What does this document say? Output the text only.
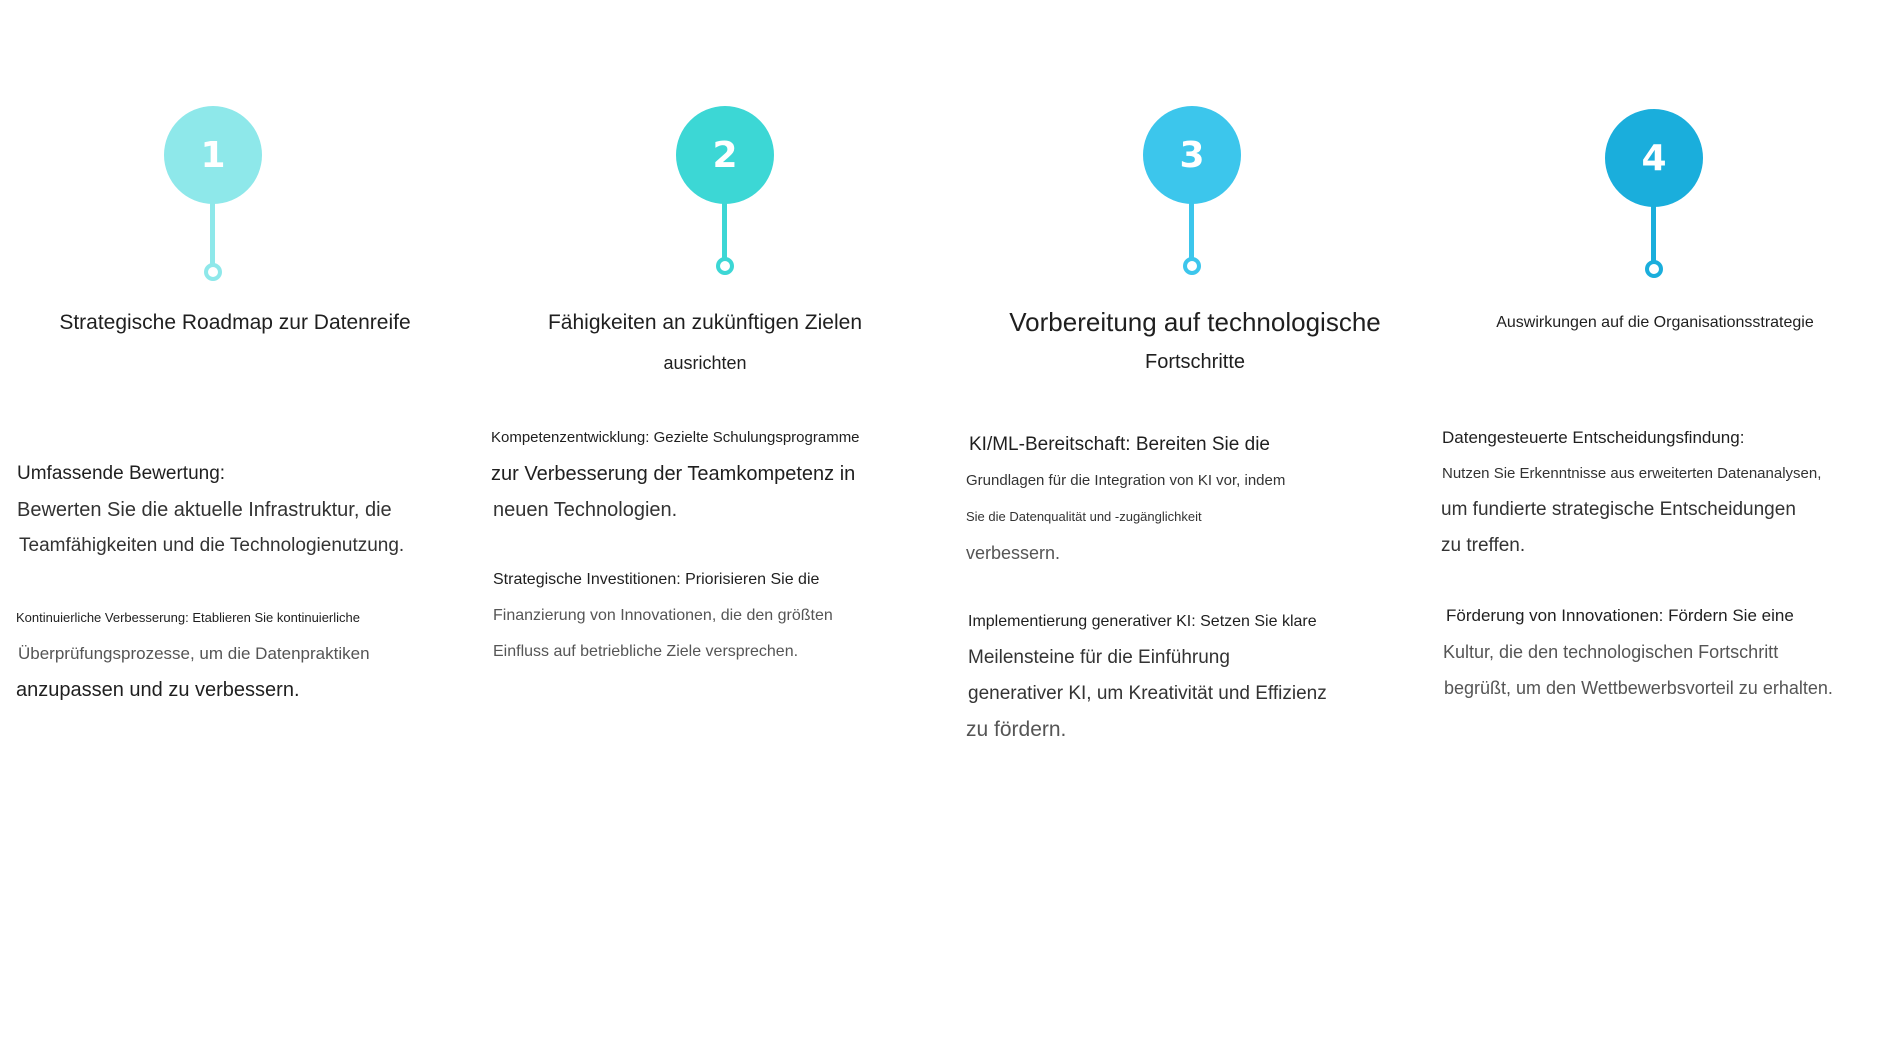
1
Strategische Roadmap zur Datenreife
Umfassende Bewertung:
Bewerten Sie die aktuelle Infrastruktur, die
Teamfähigkeiten und die Technologienutzung.
Kontinuierliche Verbesserung: Etablieren Sie kontinuierliche
Überprüfungsprozesse, um die Datenpraktiken
anzupassen und zu verbessern.
2
Fähigkeiten an zukünftigen Zielen
ausrichten
Kompetenzentwicklung: Gezielte Schulungsprogramme
zur Verbesserung der Teamkompetenz in
neuen Technologien.
Strategische Investitionen: Priorisieren Sie die
Finanzierung von Innovationen, die den größten
Einfluss auf betriebliche Ziele versprechen.
3
Vorbereitung auf technologische
Fortschritte
KI/ML-Bereitschaft: Bereiten Sie die
Grundlagen für die Integration von KI vor, indem
Sie die Datenqualität und -zugänglichkeit
verbessern.
Implementierung generativer KI: Setzen Sie klare
Meilensteine für die Einführung
generativer KI, um Kreativität und Effizienz
zu fördern.
4
Auswirkungen auf die Organisationsstrategie
Datengesteuerte Entscheidungsfindung:
Nutzen Sie Erkenntnisse aus erweiterten Datenanalysen,
um fundierte strategische Entscheidungen
zu treffen.
Förderung von Innovationen: Fördern Sie eine
Kultur, die den technologischen Fortschritt
begrüßt, um den Wettbewerbsvorteil zu erhalten.
